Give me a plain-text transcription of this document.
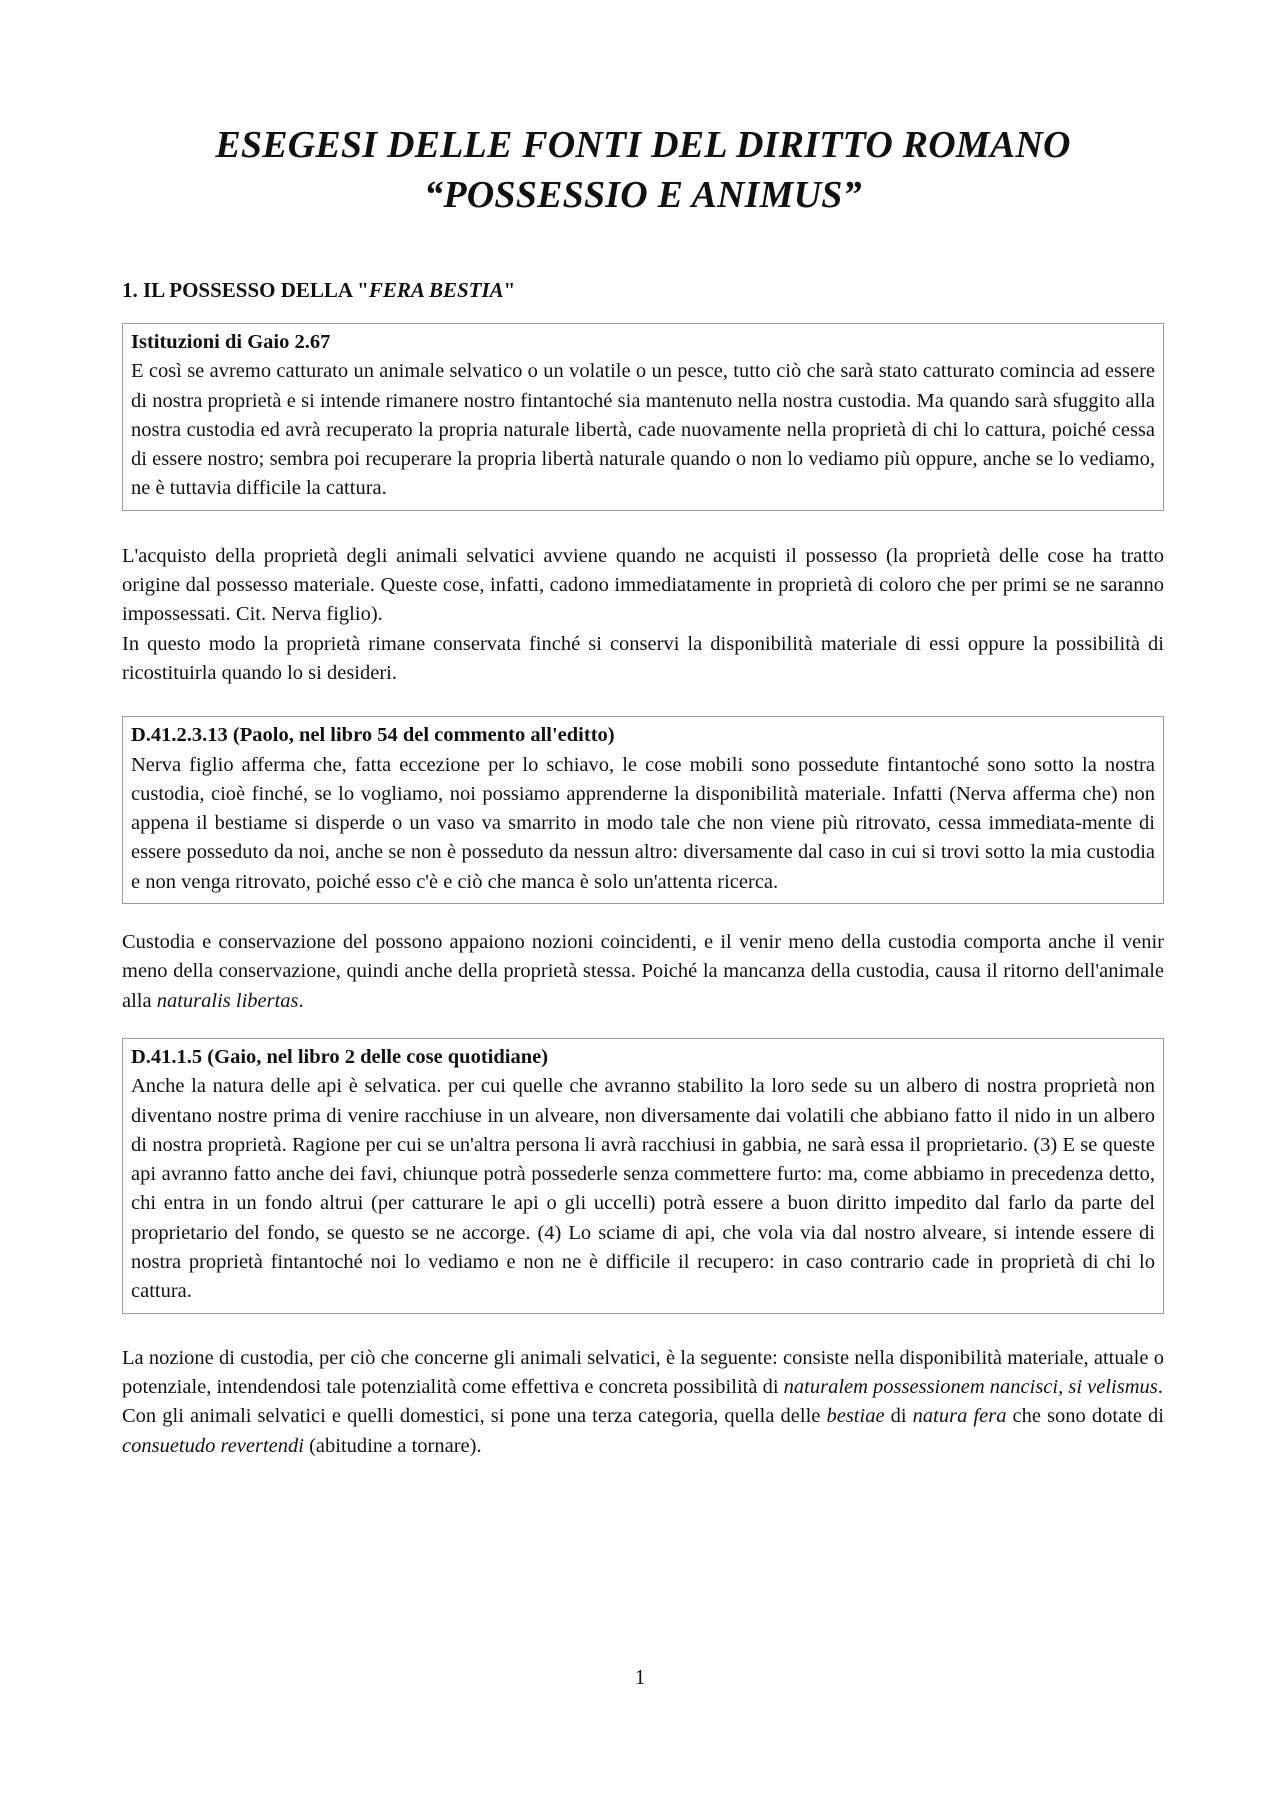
ESEGESI DELLE FONTI DEL DIRITTO ROMANO
“POSSESSIO E ANIMUS”
1. IL POSSESSO DELLA "FERA BESTIA"
Istituzioni di Gaio 2.67
E così se avremo catturato un animale selvatico o un volatile o un pesce, tutto ciò che sarà stato catturato comincia ad essere di nostra proprietà e si intende rimanere nostro fintantoché sia mantenuto nella nostra custodia. Ma quando sarà sfuggito alla nostra custodia ed avrà recuperato la propria naturale libertà, cade nuovamente nella proprietà di chi lo cattura, poiché cessa di essere nostro; sembra poi recuperare la propria libertà naturale quando o non lo vediamo più oppure, anche se lo vediamo, ne è tuttavia difficile la cattura.

L'acquisto della proprietà degli animali selvatici avviene quando ne acquisti il possesso (la proprietà delle cose ha tratto origine dal possesso materiale. Queste cose, infatti, cadono immediatamente in proprietà di coloro che per primi se ne saranno impossessati. Cit. Nerva figlio).
In questo modo la proprietà rimane conservata finché si conservi la disponibilità materiale di essi oppure la possibilità di ricostituirla quando lo si desideri.

D.41.2.3.13 (Paolo, nel libro 54 del commento all'editto)
Nerva figlio afferma che, fatta eccezione per lo schiavo, le cose mobili sono possedute fintantoché sono sotto la nostra custodia, cioè finché, se lo vogliamo, noi possiamo apprenderne la disponibilità materiale. Infatti (Nerva afferma che) non appena il bestiame si disperde o un vaso va smarrito in modo tale che non viene più ritrovato, cessa immediata-mente di essere posseduto da noi, anche se non è posseduto da nessun altro: diversamente dal caso in cui si trovi sotto la mia custodia e non venga ritrovato, poiché esso c'è e ciò che manca è solo un'attenta ricerca.

Custodia e conservazione del possono appaiono nozioni coincidenti, e il venir meno della custodia comporta anche il venir meno della conservazione, quindi anche della proprietà stessa. Poiché la mancanza della custodia, causa il ritorno dell'animale alla naturalis libertas.

D.41.1.5 (Gaio, nel libro 2 delle cose quotidiane)
Anche la natura delle api è selvatica. per cui quelle che avranno stabilito la loro sede su un albero di nostra proprietà non diventano nostre prima di venire racchiuse in un alveare, non diversamente dai volatili che abbiano fatto il nido in un albero di nostra proprietà. Ragione per cui se un'altra persona li avrà racchiusi in gabbia, ne sarà essa il proprietario. (3) E se queste api avranno fatto anche dei favi, chiunque potrà possederle senza commettere furto: ma, come abbiamo in precedenza detto, chi entra in un fondo altrui (per catturare le api o gli uccelli) potrà essere a buon diritto impedito dal farlo da parte del proprietario del fondo, se questo se ne accorge. (4) Lo sciame di api, che vola via dal nostro alveare, si intende essere di nostra proprietà fintantoché noi lo vediamo e non ne è difficile il recupero: in caso contrario cade in proprietà di chi lo cattura.

La nozione di custodia, per ciò che concerne gli animali selvatici, è la seguente: consiste nella disponibilità materiale, attuale o potenziale, intendendosi tale potenzialità come effettiva e concreta possibilità di naturalem possessionem nancisci, si velismus.
Con gli animali selvatici e quelli domestici, si pone una terza categoria, quella delle bestiae di natura fera che sono dotate di consuetudo revertendi (abitudine a tornare).

1
